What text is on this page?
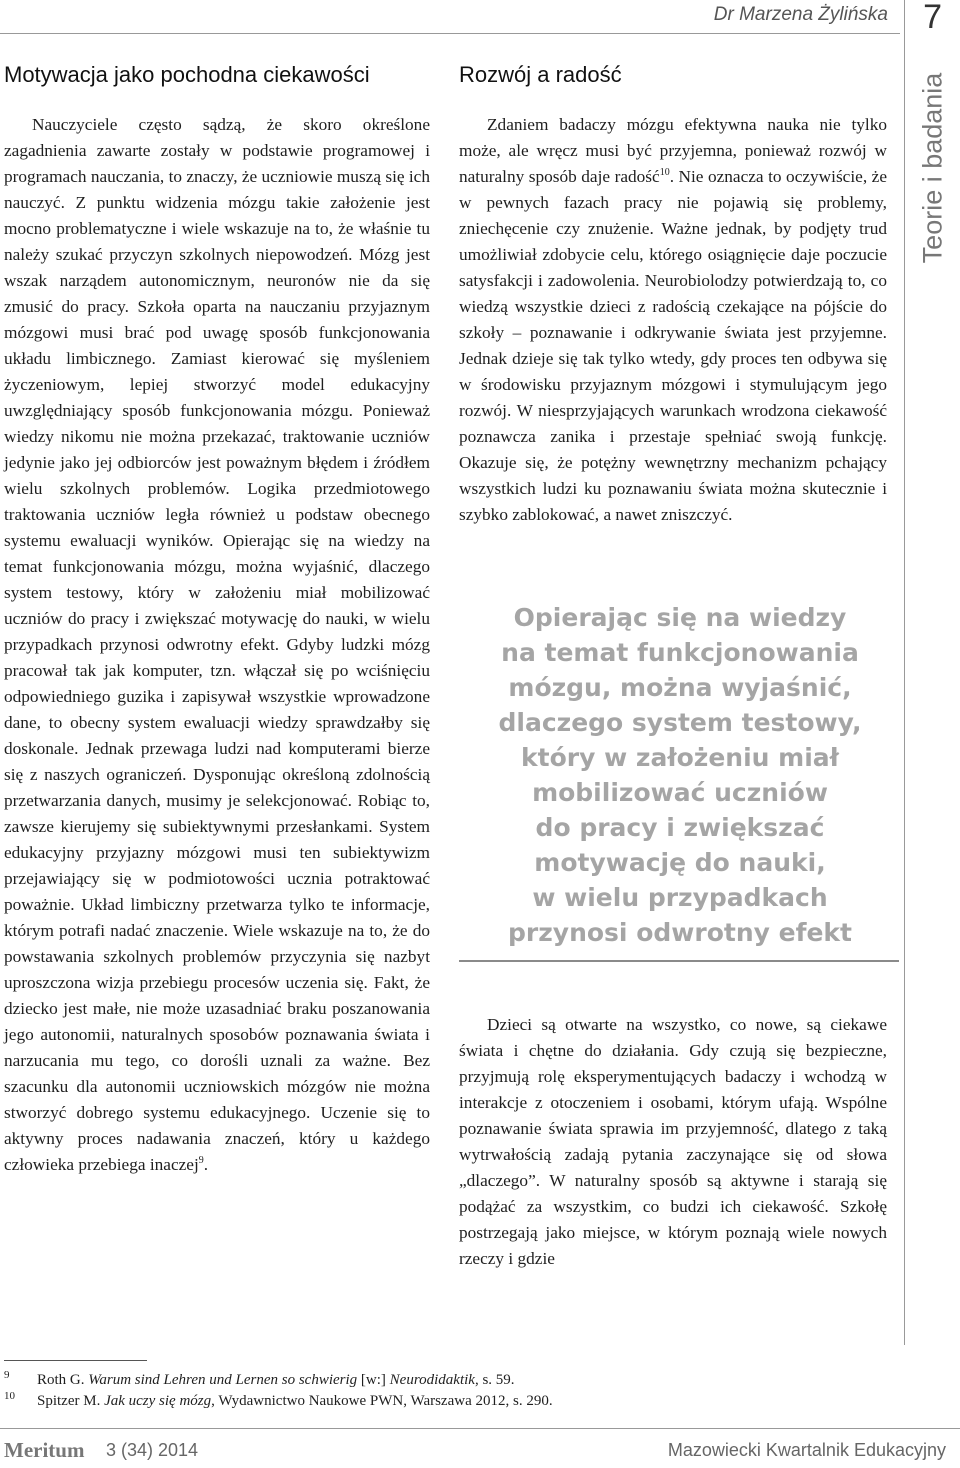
Dr Marzena Żylińska 7
Teorie i badania
Motywacja jako pochodna ciekawości

Nauczyciele często sądzą, że skoro określone zagadnienia zawarte zostały w podstawie programowej i programach nauczania, to znaczy, że uczniowie muszą się ich nauczyć. Z punktu widzenia mózgu takie założenie jest mocno problematyczne i wiele wskazuje na to, że właśnie tu należy szukać przyczyn szkolnych niepowodzeń. Mózg jest wszak narządem autonomicznym, neuronów nie da się zmusić do pracy. Szkoła oparta na nauczaniu przyjaznym mózgowi musi brać pod uwagę sposób funkcjonowania układu limbicznego. Zamiast kierować się myśleniem życzeniowym, lepiej stworzyć model edukacyjny uwzględniający sposób funkcjonowania mózgu. Ponieważ wiedzy nikomu nie można przekazać, traktowanie uczniów jedynie jako jej odbiorców jest poważnym błędem i źródłem wielu szkolnych problemów. Logika przedmiotowego traktowania uczniów legła również u podstaw obecnego systemu ewaluacji wyników. Opierając się na wiedzy na temat funkcjonowania mózgu, można wyjaśnić, dlaczego system testowy, który w założeniu miał mobilizować uczniów do pracy i zwiększać motywację do nauki, w wielu przypadkach przynosi odwrotny efekt. Gdyby ludzki mózg pracował tak jak komputer, tzn. włączał się po wciśnięciu odpowiedniego guzika i zapisywał wszystkie wprowadzone dane, to obecny system ewaluacji wiedzy sprawdzałby się doskonale. Jednak przewaga ludzi nad komputerami bierze się z naszych ograniczeń. Dysponując określoną zdolnością przetwarzania danych, musimy je selekcjonować. Robiąc to, zawsze kierujemy się subiektywnymi przesłankami. System edukacyjny przyjazny mózgowi musi ten subiektywizm przejawiający się w podmiotowości ucznia potraktować poważnie. Układ limbiczny przetwarza tylko te informacje, którym potrafi nadać znaczenie. Wiele wskazuje na to, że do powstawania szkolnych problemów przyczynia się nazbyt uproszczona wizja przebiegu procesów uczenia się. Fakt, że dziecko jest małe, nie może uzasadniać braku poszanowania jego autonomii, naturalnych sposobów poznawania świata i narzucania mu tego, co dorośli uznali za ważne. Bez szacunku dla autonomii uczniowskich mózgów nie można stworzyć dobrego systemu edukacyjnego. Uczenie się to aktywny proces nadawania znaczeń, który u każdego człowieka przebiega inaczej$^9$.

Rozwój a radość

Zdaniem badaczy mózgu efektywna nauka nie tylko może, ale wręcz musi być przyjemna, ponieważ rozwój w naturalny sposób daje radość$^{10}$. Nie oznacza to oczywiście, że w pewnych fazach pracy nie pojawią się problemy, zniechęcenie czy znużenie. Ważne jednak, by podjęty trud umożliwiał zdobycie celu, którego osiągnięcie daje poczucie satysfakcji i zadowolenia. Neurobiolodzy potwierdzają to, co wiedzą wszystkie dzieci z radością czekające na pójście do szkoły – poznawanie i odkrywanie świata jest przyjemne. Jednak dzieje się tak tylko wtedy, gdy proces ten odbywa się w środowisku przyjaznym mózgowi i stymulującym jego rozwój. W niesprzyjających warunkach wrodzona ciekawość poznawcza zanika i przestaje spełniać swoją funkcję. Okazuje się, że potężny wewnętrzny mechanizm pchający wszystkich ludzi ku poznawaniu świata można skutecznie i szybko zablokować, a nawet zniszczyć.

Opierając się na wiedzy
na temat funkcjonowania
mózgu, można wyjaśnić,
dlaczego system testowy,
który w założeniu miał
mobilizować uczniów
do pracy i zwiększać
motywację do nauki,
w wielu przypadkach
przynosi odwrotny efekt

Dzieci są otwarte na wszystko, co nowe, są ciekawe świata i chętne do działania. Gdy czują się bezpieczne, przyjmują rolę eksperymentujących badaczy i wchodzą w interakcje z otoczeniem i osobami, którym ufają. Wspólne poznawanie świata sprawia im przyjemność, dlatego z taką wytrwałością zadają pytania zaczynające się od słowa „dlaczego”. W naturalny sposób są aktywne i starają się podążać za wszystkim, co budzi ich ciekawość. Szkołę postrzegają jako miejsce, w którym poznają wiele nowych rzeczy i gdzie

9 Roth G. Warum sind Lehren und Lernen so schwierig [w:] Neurodidaktik, s. 59.
10 Spitzer M. Jak uczy się mózg, Wydawnictwo Naukowe PWN, Warszawa 2012, s. 290.
Meritum 3 (34) 2014	Mazowiecki Kwartalnik Edukacyjny
